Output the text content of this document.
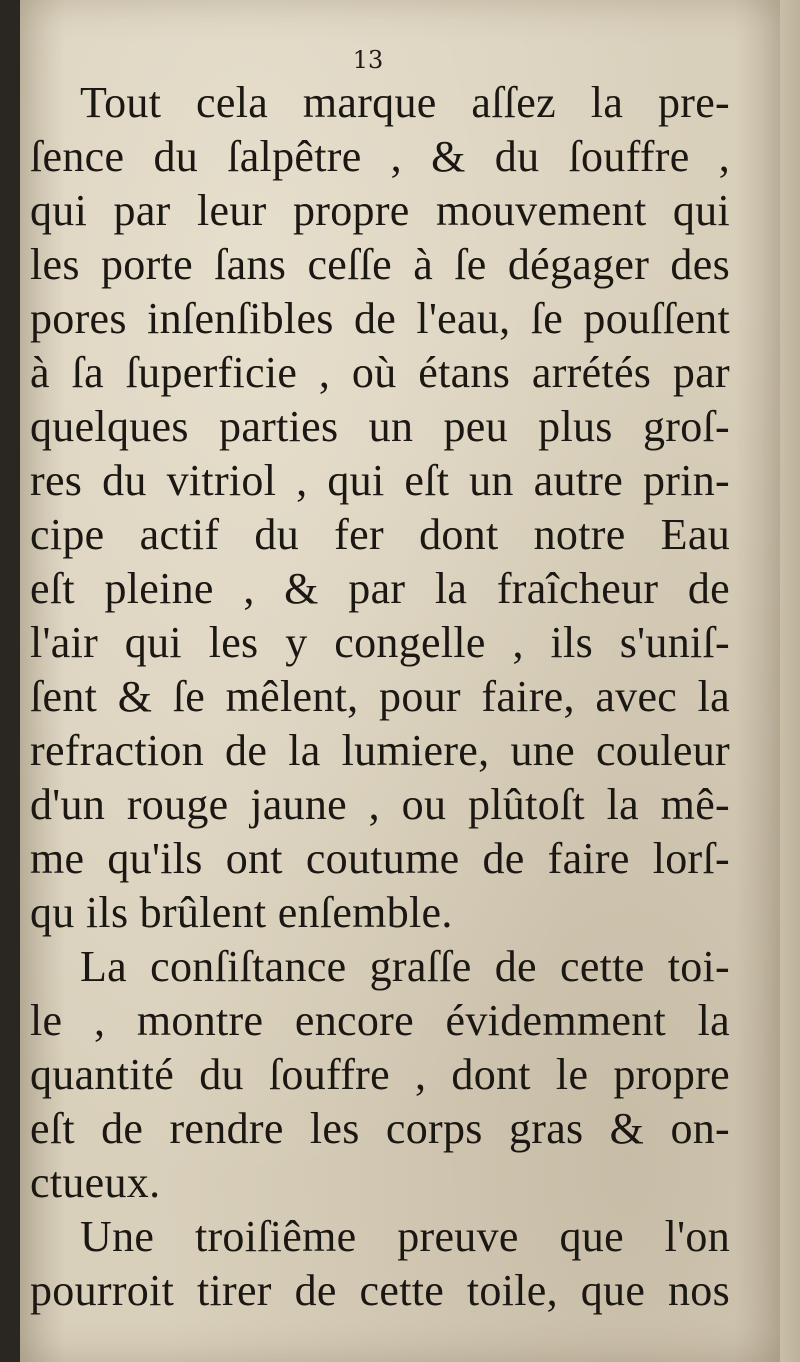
13
Tout cela marque aſſez la pre-
ſence du ſalpêtre , & du ſouffre ,
qui par leur propre mouvement qui
les porte ſans ceſſe à ſe dégager des
pores inſenſibles de l'eau, ſe pouſſent
à ſa ſuperficie , où étans arrétés par
quelques parties un peu plus groſ-
res du vitriol , qui eſt un autre prin-
cipe actif du fer dont notre Eau
eſt pleine , & par la fraîcheur de
l'air qui les y congelle , ils s'uniſ-
ſent & ſe mêlent, pour faire, avec la
refraction de la lumiere, une couleur
d'un rouge jaune , ou plûtoſt la mê-
me qu'ils ont coutume de faire lorſ-
qu ils brûlent enſemble.
La conſiſtance graſſe de cette toi-
le , montre encore évidemment la
quantité du ſouffre , dont le propre
eſt de rendre les corps gras & on-
ctueux.
Une troiſiême preuve que l'on
pourroit tirer de cette toile, que nos
